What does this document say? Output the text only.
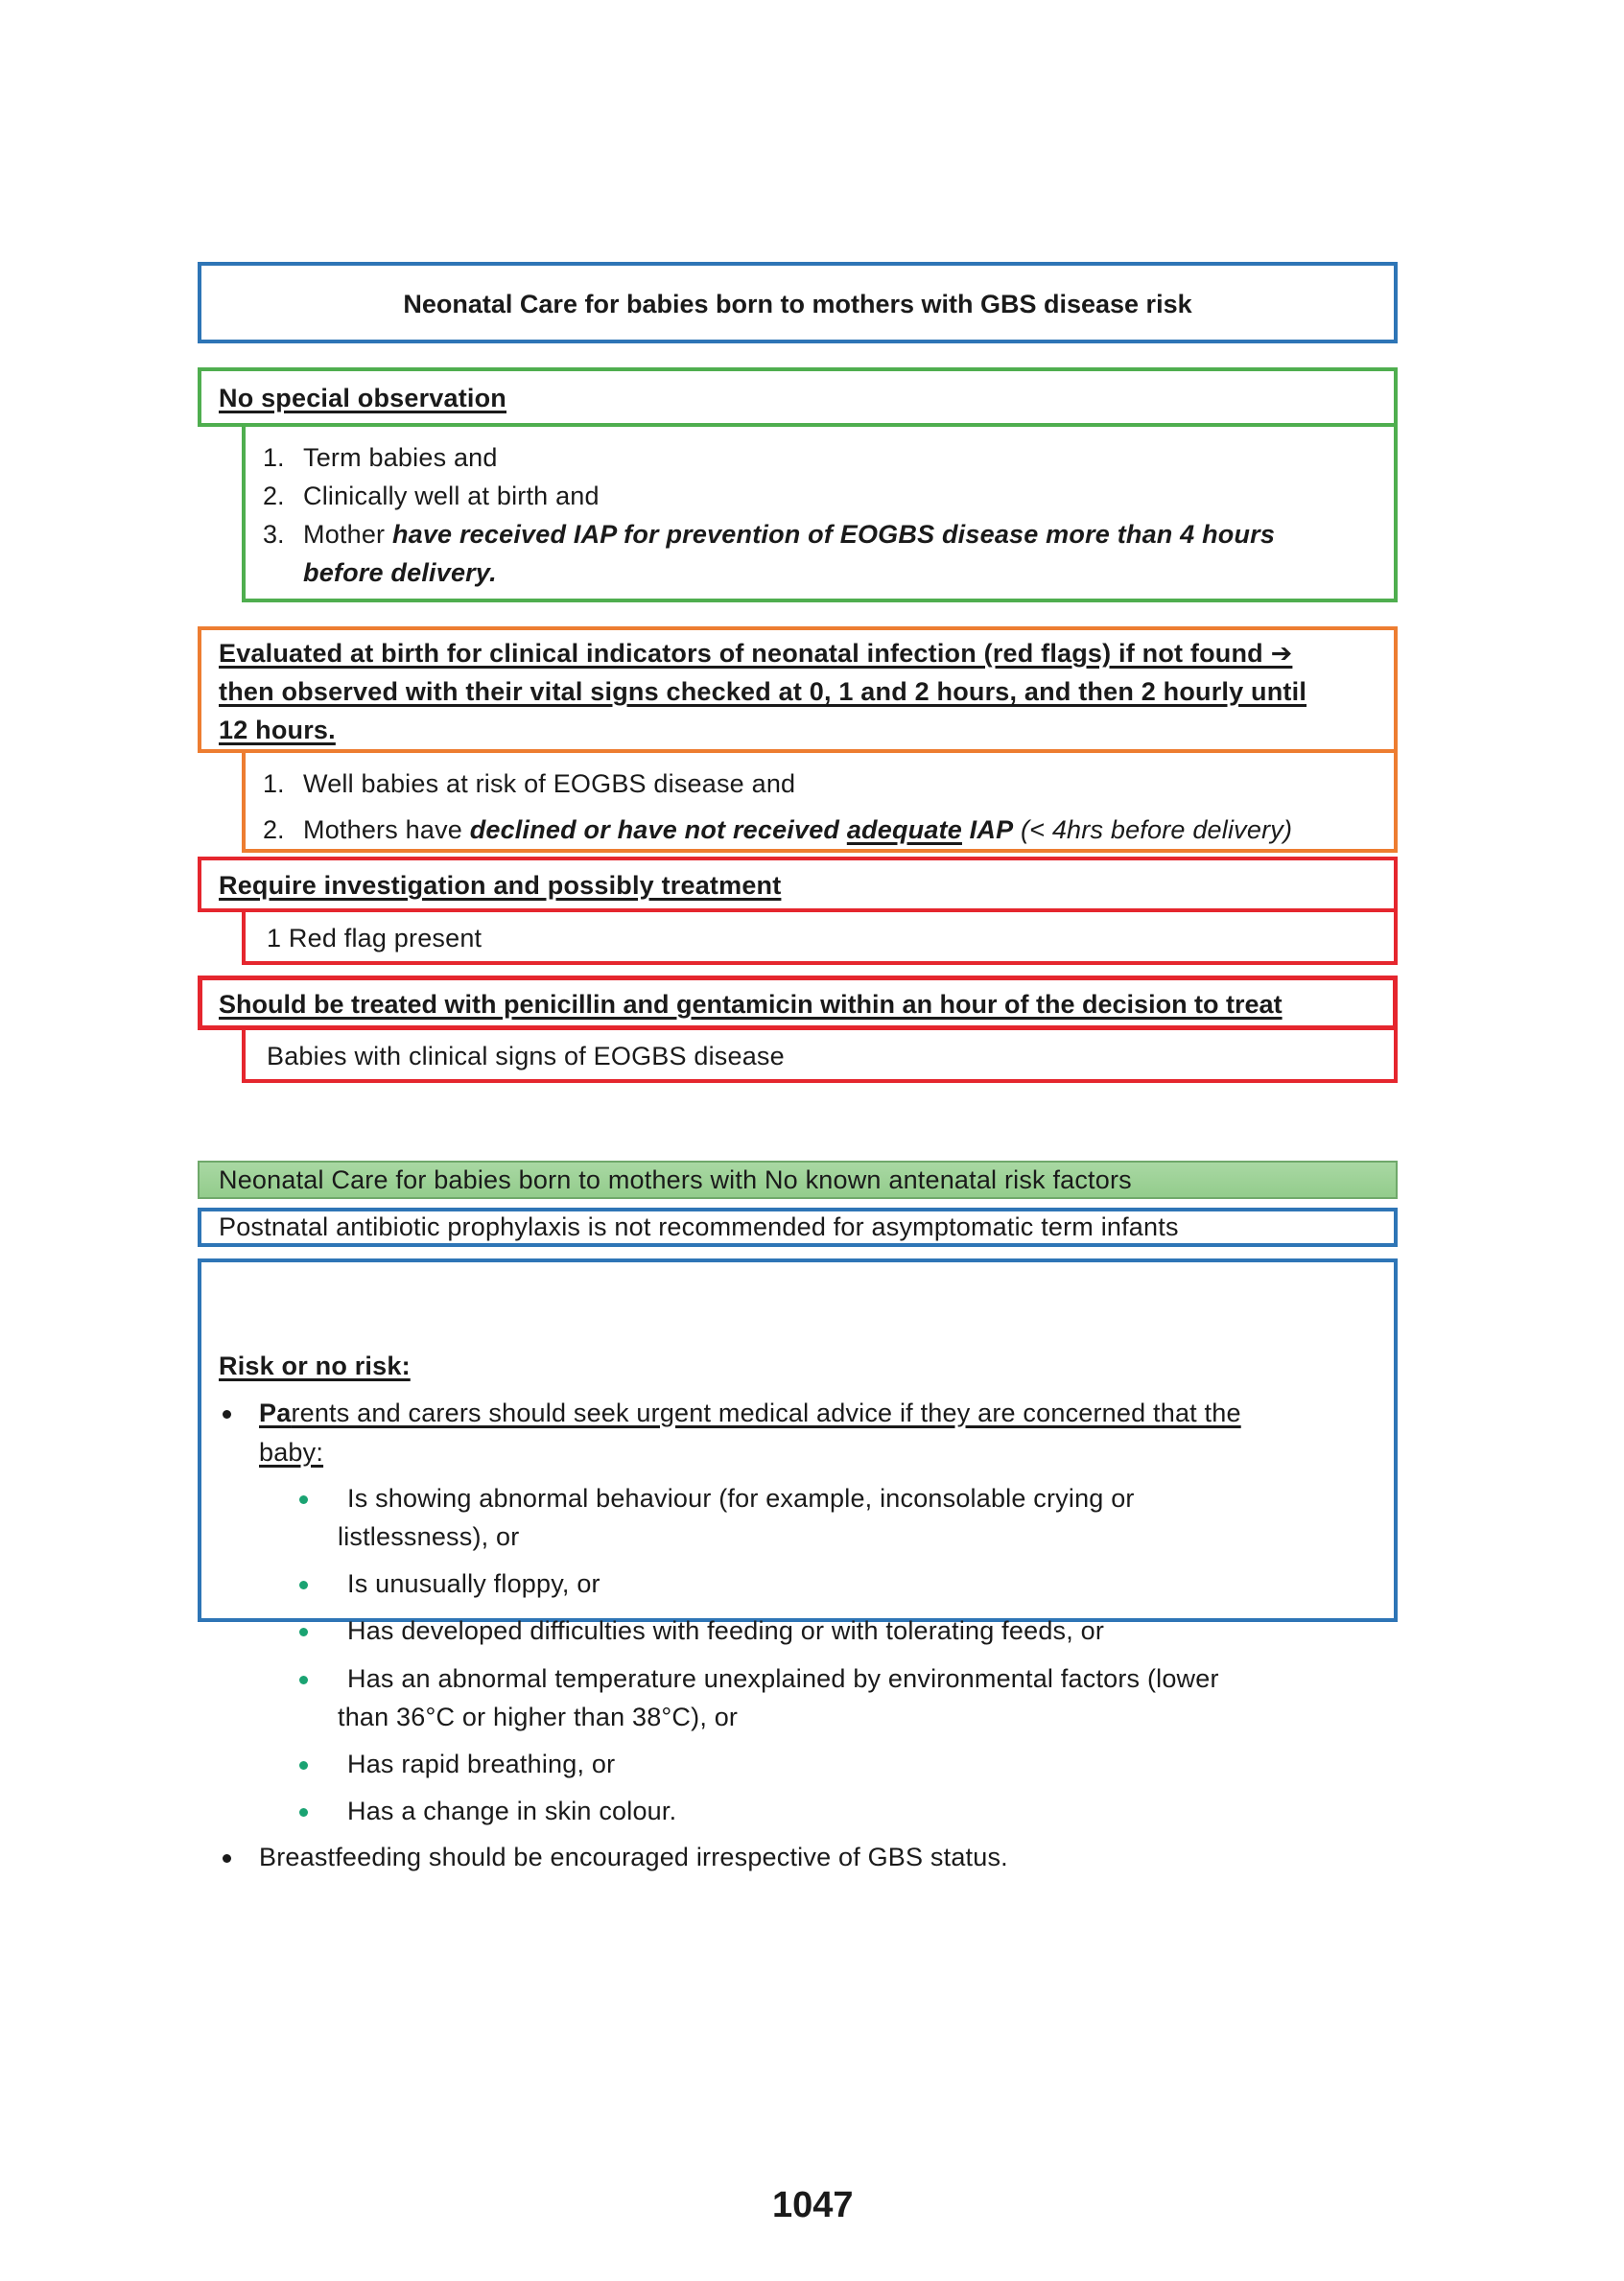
Neonatal Care for babies born to mothers with GBS disease risk
No special observation
1. Term babies and
2. Clinically well at birth and
3. Mother have received IAP for prevention of EOGBS disease more than 4 hours
before delivery.
Evaluated at birth for clinical indicators of neonatal infection (red flags) if not found ➔
then observed with their vital signs checked at 0, 1 and 2 hours, and then 2 hourly until
12 hours.
1. Well babies at risk of EOGBS disease and
2. Mothers have declined or have not received adequate IAP (< 4hrs before delivery)
1 Red flag present
Require investigation and possibly treatment
Babies with clinical signs of EOGBS disease
Should be treated with penicillin and gentamicin within an hour of the decision to treat
Neonatal Care for babies born to mothers with No known antenatal risk factors
Postnatal antibiotic prophylaxis is not recommended for asymptomatic term infants
Risk or no risk:
Parents and carers should seek urgent medical advice if they are concerned that the
baby:
Is showing abnormal behaviour (for example, inconsolable crying or
listlessness), or
Is unusually floppy, or
Has developed difficulties with feeding or with tolerating feeds, or
Has an abnormal temperature unexplained by environmental factors (lower
than 36°C or higher than 38°C), or
Has rapid breathing, or
Has a change in skin colour.
Breastfeeding should be encouraged irrespective of GBS status.
1047
